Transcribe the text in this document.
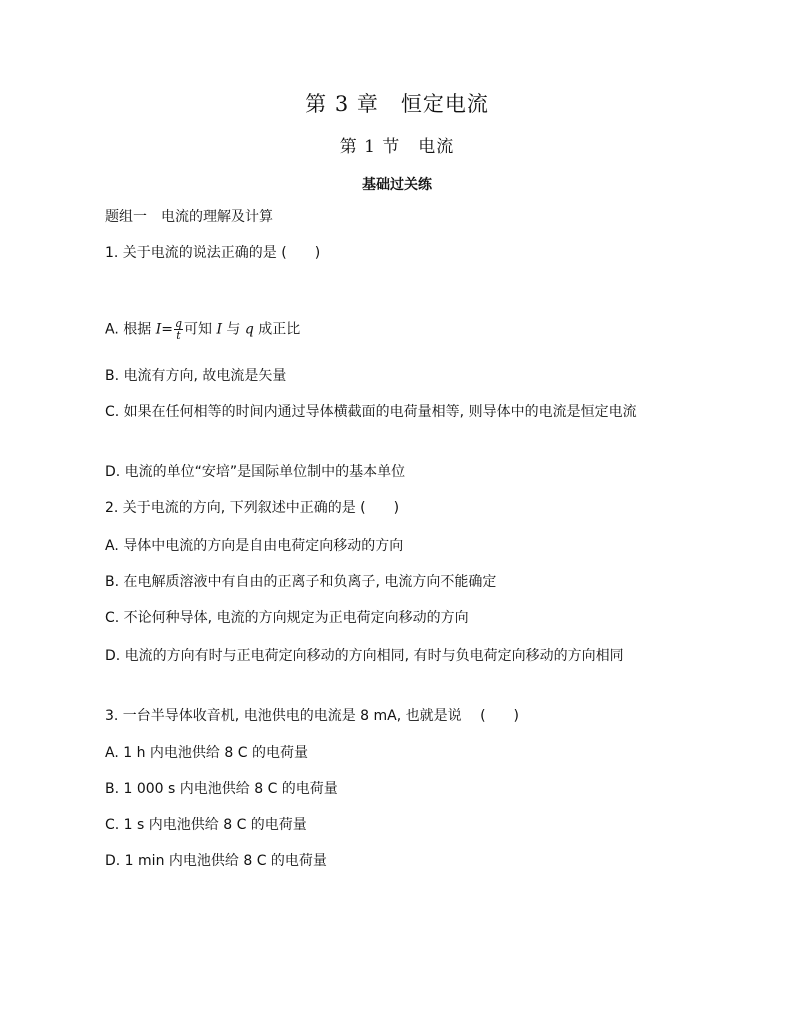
第 3 章　恒定电流
第 1 节　电流
基础过关练
题组一　电流的理解及计算
1. 关于电流的说法正确的是 (　　)
A. 根据 $I= \frac{q}{t}$ 可知 I 与 q 成正比
B. 电流有方向, 故电流是矢量
C. 如果在任何相等的时间内通过导体横截面的电荷量相等, 则导体中的电流是恒定电流
D. 电流的单位“安培”是国际单位制中的基本单位
2. 关于电流的方向, 下列叙述中正确的是 (　　)
A. 导体中电流的方向是自由电荷定向移动的方向
B. 在电解质溶液中有自由的正离子和负离子, 电流方向不能确定
C. 不论何种导体, 电流的方向规定为正电荷定向移动的方向
D. 电流的方向有时与正电荷定向移动的方向相同, 有时与负电荷定向移动的方向相同
3. 一台半导体收音机, 电池供电的电流是 8 mA, 也就是说　 (　　)
A. 1 h 内电池供给 8 C 的电荷量
B. 1 000 s 内电池供给 8 C 的电荷量
C. 1 s 内电池供给 8 C 的电荷量
D. 1 min 内电池供给 8 C 的电荷量
